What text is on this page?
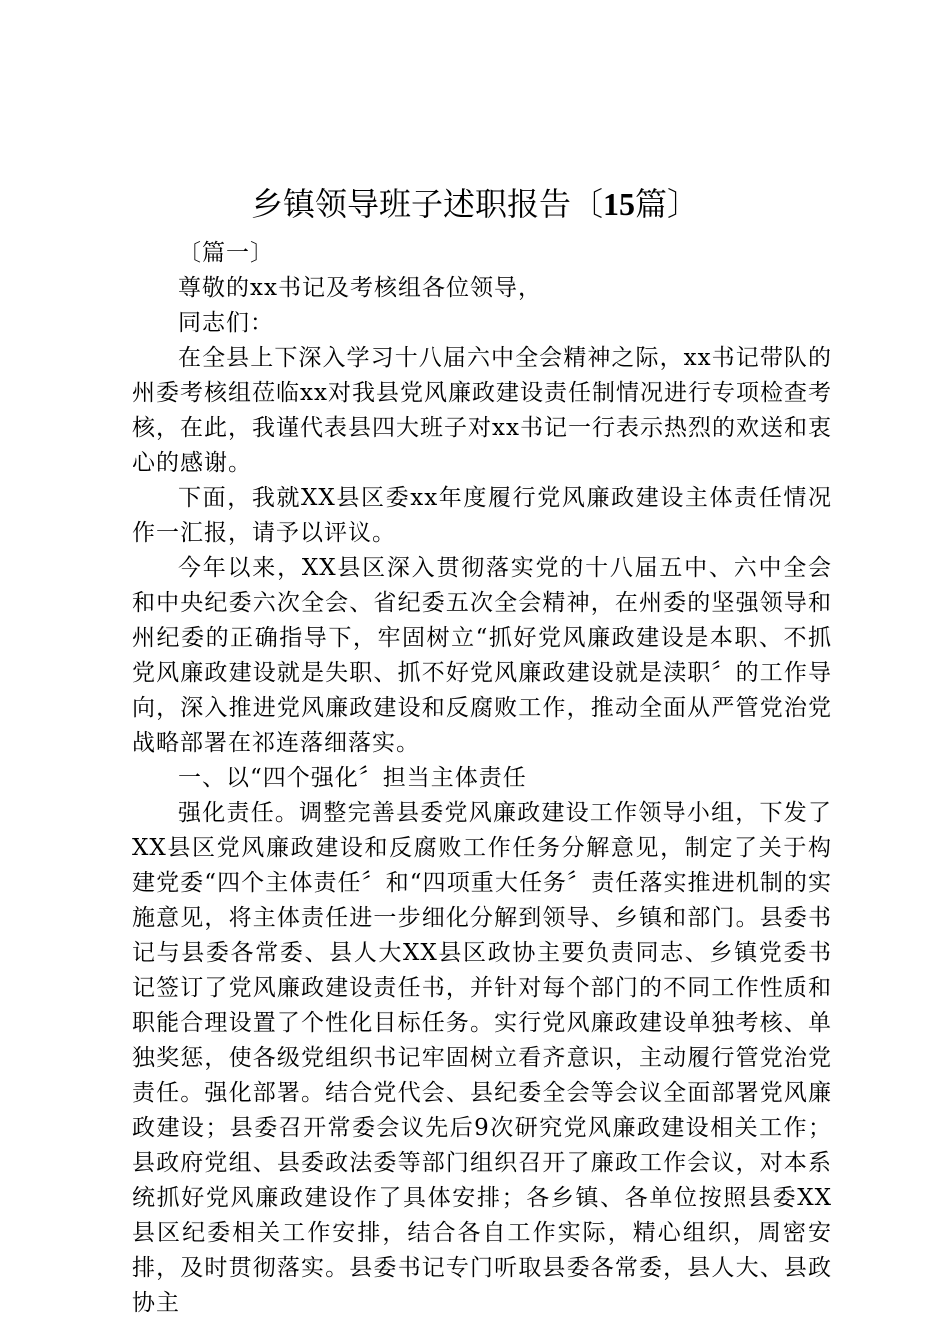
乡镇领导班子述职报告〔15篇〕

〔篇一〕

尊敬的xx书记及考核组各位领导，

同志们：

在全县上下深入学习十八届六中全会精神之际，xx书记带队的州委考核组莅临xx对我县党风廉政建设责任制情况进行专项检查考核，在此，我谨代表县四大班子对xx书记一行表示热烈的欢送和衷心的感谢。

下面，我就XX县区委xx年度履行党风廉政建设主体责任情况作一汇报，请予以评议。

今年以来，XX县区深入贯彻落实党的十八届五中、六中全会和中央纪委六次全会、省纪委五次全会精神，在州委的坚强领导和州纪委的正确指导下，牢固树立“抓好党风廉政建设是本职、不抓党风廉政建设就是失职、抓不好党风廉政建设就是渎职〞的工作导向，深入推进党风廉政建设和反腐败工作，推动全面从严管党治党战略部署在祁连落细落实。

一、以“四个强化〞担当主体责任

强化责任。调整完善县委党风廉政建设工作领导小组，下发了XX县区党风廉政建设和反腐败工作任务分解意见，制定了关于构建党委“四个主体责任〞和“四项重大任务〞责任落实推进机制的实施意见，将主体责任进一步细化分解到领导、乡镇和部门。县委书记与县委各常委、县人大XX县区政协主要负责同志、乡镇党委书记签订了党风廉政建设责任书，并针对每个部门的不同工作性质和职能合理设置了个性化目标任务。实行党风廉政建设单独考核、单独奖惩，使各级党组织书记牢固树立看齐意识，主动履行管党治党责任。强化部署。结合党代会、县纪委全会等会议全面部署党风廉政建设；县委召开常委会议先后9次研究党风廉政建设相关工作；县政府党组、县委政法委等部门组织召开了廉政工作会议，对本系统抓好党风廉政建设作了具体安排；各乡镇、各单位按照县委XX县区纪委相关工作安排，结合各自工作实际，精心组织，周密安排，及时贯彻落实。县委书记专门听取县委各常委，县人大、县政协主
